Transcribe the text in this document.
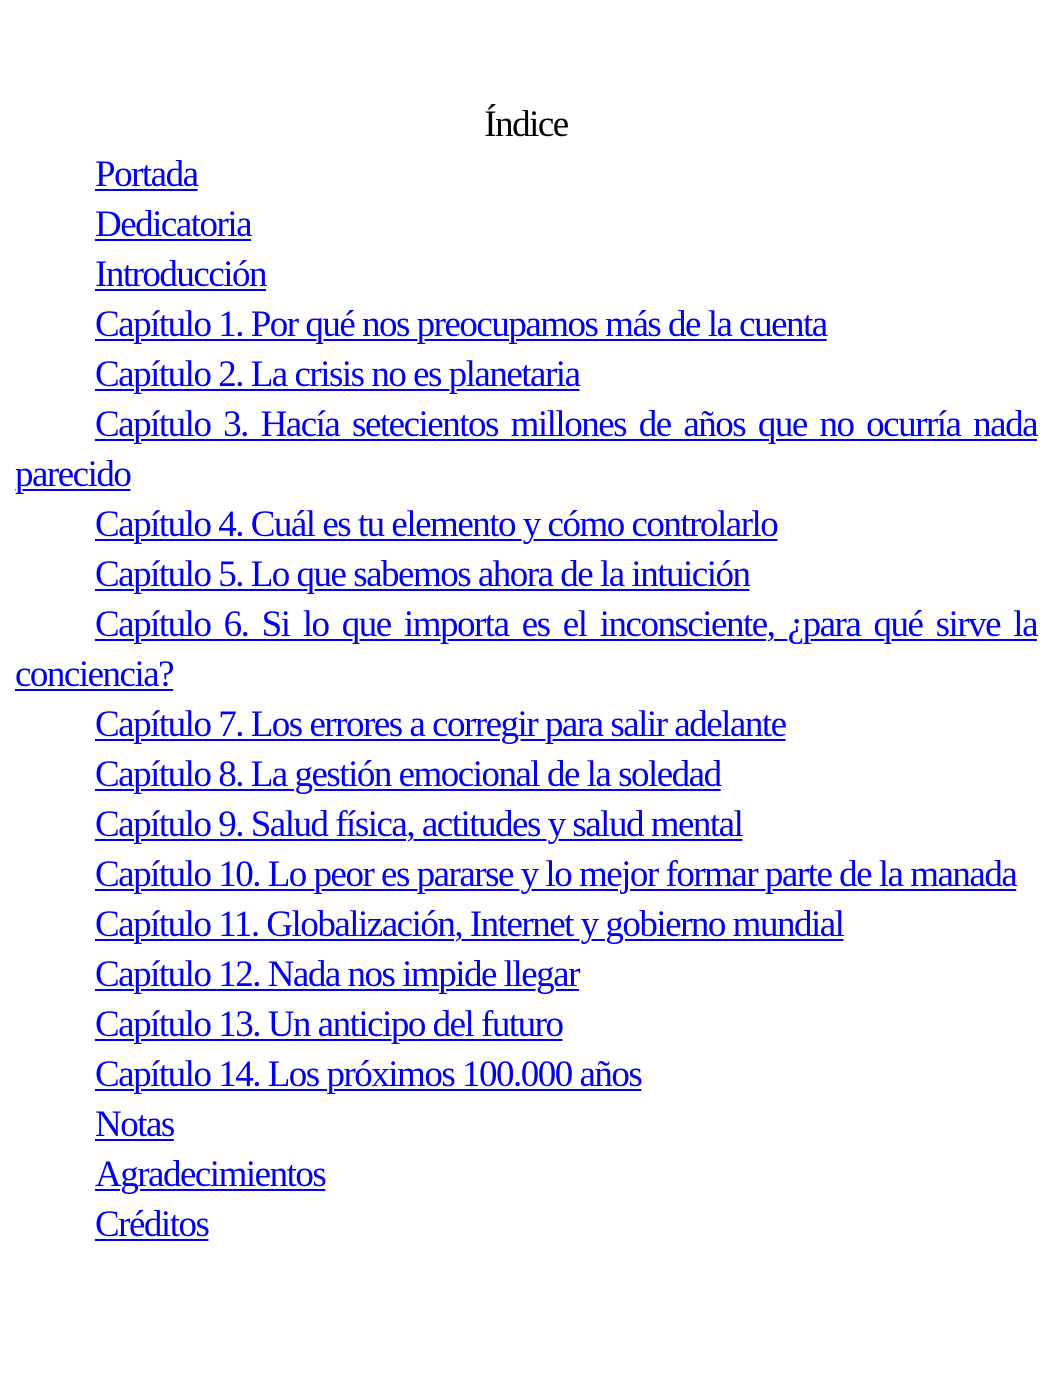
Índice
Portada
Dedicatoria
Introducción
Capítulo 1. Por qué nos preocupamos más de la cuenta
Capítulo 2. La crisis no es planetaria
Capítulo 3. Hacía setecientos millones de años que no ocurría nada parecido
Capítulo 4. Cuál es tu elemento y cómo controlarlo
Capítulo 5. Lo que sabemos ahora de la intuición
Capítulo 6. Si lo que importa es el inconsciente, ¿para qué sirve la conciencia?
Capítulo 7. Los errores a corregir para salir adelante
Capítulo 8. La gestión emocional de la soledad
Capítulo 9. Salud física, actitudes y salud mental
Capítulo 10. Lo peor es pararse y lo mejor formar parte de la manada
Capítulo 11. Globalización, Internet y gobierno mundial
Capítulo 12. Nada nos impide llegar
Capítulo 13. Un anticipo del futuro
Capítulo 14. Los próximos 100.000 años
Notas
Agradecimientos
Créditos
